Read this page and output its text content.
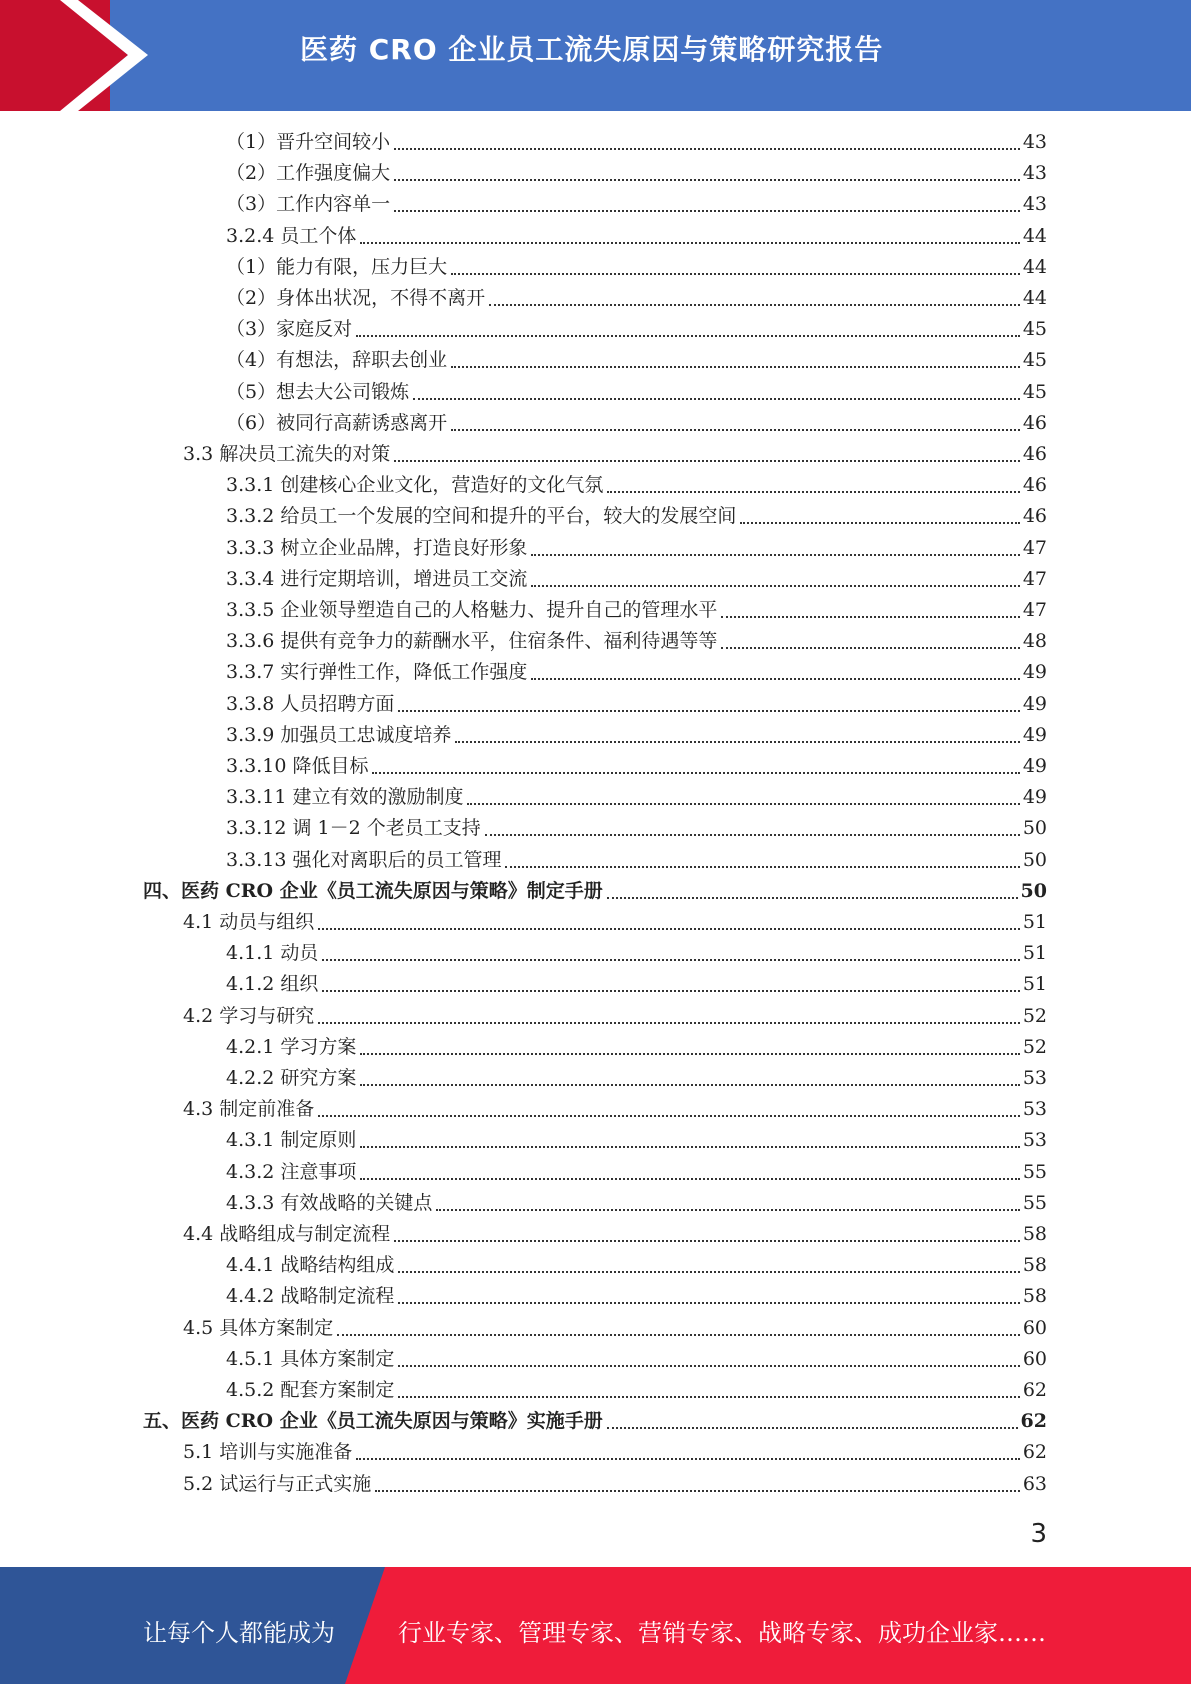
医药 CRO 企业员工流失原因与策略研究报告
（1）晋升空间较小	43
（2）工作强度偏大	43
（3）工作内容单一	43
3.2.4 员工个体	44
（1）能力有限，压力巨大	44
（2）身体出状况，不得不离开	44
（3）家庭反对	45
（4）有想法，辞职去创业	45
（5）想去大公司锻炼	45
（6）被同行高薪诱惑离开	46
3.3 解决员工流失的对策	46
3.3.1 创建核心企业文化，营造好的文化气氛	46
3.3.2 给员工一个发展的空间和提升的平台，较大的发展空间	46
3.3.3 树立企业品牌，打造良好形象	47
3.3.4 进行定期培训，增进员工交流	47
3.3.5 企业领导塑造自己的人格魅力、提升自己的管理水平	47
3.3.6 提供有竞争力的薪酬水平，住宿条件、福利待遇等等	48
3.3.7 实行弹性工作，降低工作强度	49
3.3.8 人员招聘方面	49
3.3.9 加强员工忠诚度培养	49
3.3.10 降低目标	49
3.3.11 建立有效的激励制度	49
3.3.12 调 1－2 个老员工支持	50
3.3.13 强化对离职后的员工管理	50
四、医药 CRO 企业《员工流失原因与策略》制定手册	50
4.1 动员与组织	51
4.1.1 动员	51
4.1.2 组织	51
4.2 学习与研究	52
4.2.1 学习方案	52
4.2.2 研究方案	53
4.3 制定前准备	53
4.3.1 制定原则	53
4.3.2 注意事项	55
4.3.3 有效战略的关键点	55
4.4 战略组成与制定流程	58
4.4.1 战略结构组成	58
4.4.2 战略制定流程	58
4.5 具体方案制定	60
4.5.1 具体方案制定	60
4.5.2 配套方案制定	62
五、医药 CRO 企业《员工流失原因与策略》实施手册	62
5.1 培训与实施准备	62
5.2 试运行与正式实施	63
3
让每个人都能成为	行业专家、管理专家、营销专家、战略专家、成功企业家……
